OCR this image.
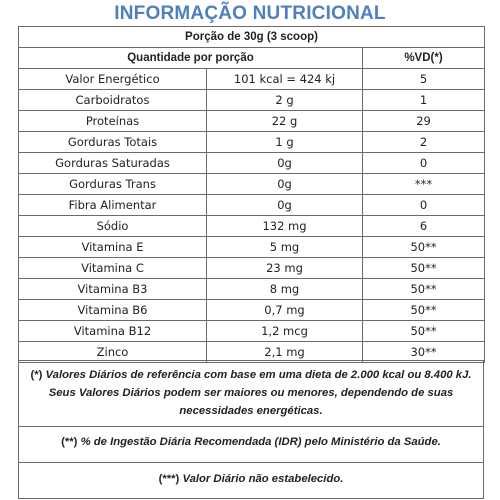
INFORMAÇÃO NUTRICIONAL
Porção de 30g (3 scoop)		
Quantidade por porção		%VD(*)
Valor Energético	101 kcal = 424 kj	5
Carboidratos	2 g	1
Proteínas	22 g	29
Gorduras Totais	1 g	2
Gorduras Saturadas	0g	0
Gorduras Trans	0g	***
Fibra Alimentar	0g	0
Sódio	132 mg	6
Vitamina E	5 mg	50**
Vitamina C	23 mg	50**
Vitamina B3	8 mg	50**
Vitamina B6	0,7 mg	50**
Vitamina B12	1,2 mcg	50**
Zinco	2,1 mg	30**
(*) Valores Diários de referência com base em uma dieta de 2.000 kcal ou 8.400 kJ.
Seus Valores Diários podem ser maiores ou menores, dependendo de suas
necessidades energéticas.
(**) % de Ingestão Diária Recomendada (IDR) pelo Ministério da Saúde.
(***) Valor Diário não estabelecido.
